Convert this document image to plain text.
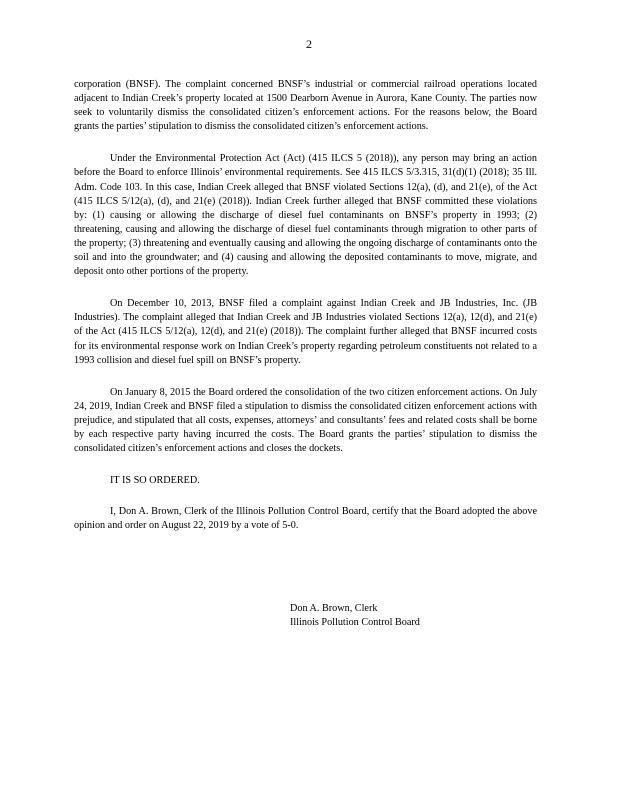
2

corporation (BNSF). The complaint concerned BNSF’s industrial or commercial railroad operations located adjacent to Indian Creek’s property located at 1500 Dearborn Avenue in Aurora, Kane County. The parties now seek to voluntarily dismiss the consolidated citizen’s enforcement actions. For the reasons below, the Board grants the parties’ stipulation to dismiss the consolidated citizen’s enforcement actions.

Under the Environmental Protection Act (Act) (415 ILCS 5 (2018)), any person may bring an action before the Board to enforce Illinois’ environmental requirements. See 415 ILCS 5/3.315, 31(d)(1) (2018); 35 Ill. Adm. Code 103. In this case, Indian Creek alleged that BNSF violated Sections 12(a), (d), and 21(e), of the Act (415 ILCS 5/12(a), (d), and 21(e) (2018)). Indian Creek further alleged that BNSF committed these violations by: (1) causing or allowing the discharge of diesel fuel contaminants on BNSF’s property in 1993; (2) threatening, causing and allowing the discharge of diesel fuel contaminants through migration to other parts of the property; (3) threatening and eventually causing and allowing the ongoing discharge of contaminants onto the soil and into the groundwater; and (4) causing and allowing the deposited contaminants to move, migrate, and deposit onto other portions of the property.

On December 10, 2013, BNSF filed a complaint against Indian Creek and JB Industries, Inc. (JB Industries). The complaint alleged that Indian Creek and JB Industries violated Sections 12(a), 12(d), and 21(e) of the Act (415 ILCS 5/12(a), 12(d), and 21(e) (2018)). The complaint further alleged that BNSF incurred costs for its environmental response work on Indian Creek’s property regarding petroleum constituents not related to a 1993 collision and diesel fuel spill on BNSF’s property.

On January 8, 2015 the Board ordered the consolidation of the two citizen enforcement actions. On July 24, 2019, Indian Creek and BNSF filed a stipulation to dismiss the consolidated citizen enforcement actions with prejudice, and stipulated that all costs, expenses, attorneys’ and consultants’ fees and related costs shall be borne by each respective party having incurred the costs. The Board grants the parties’ stipulation to dismiss the consolidated citizen’s enforcement actions and closes the dockets.

IT IS SO ORDERED.

I, Don A. Brown, Clerk of the Illinois Pollution Control Board, certify that the Board adopted the above opinion and order on August 22, 2019 by a vote of 5-0.

Don A. Brown, Clerk
Illinois Pollution Control Board
